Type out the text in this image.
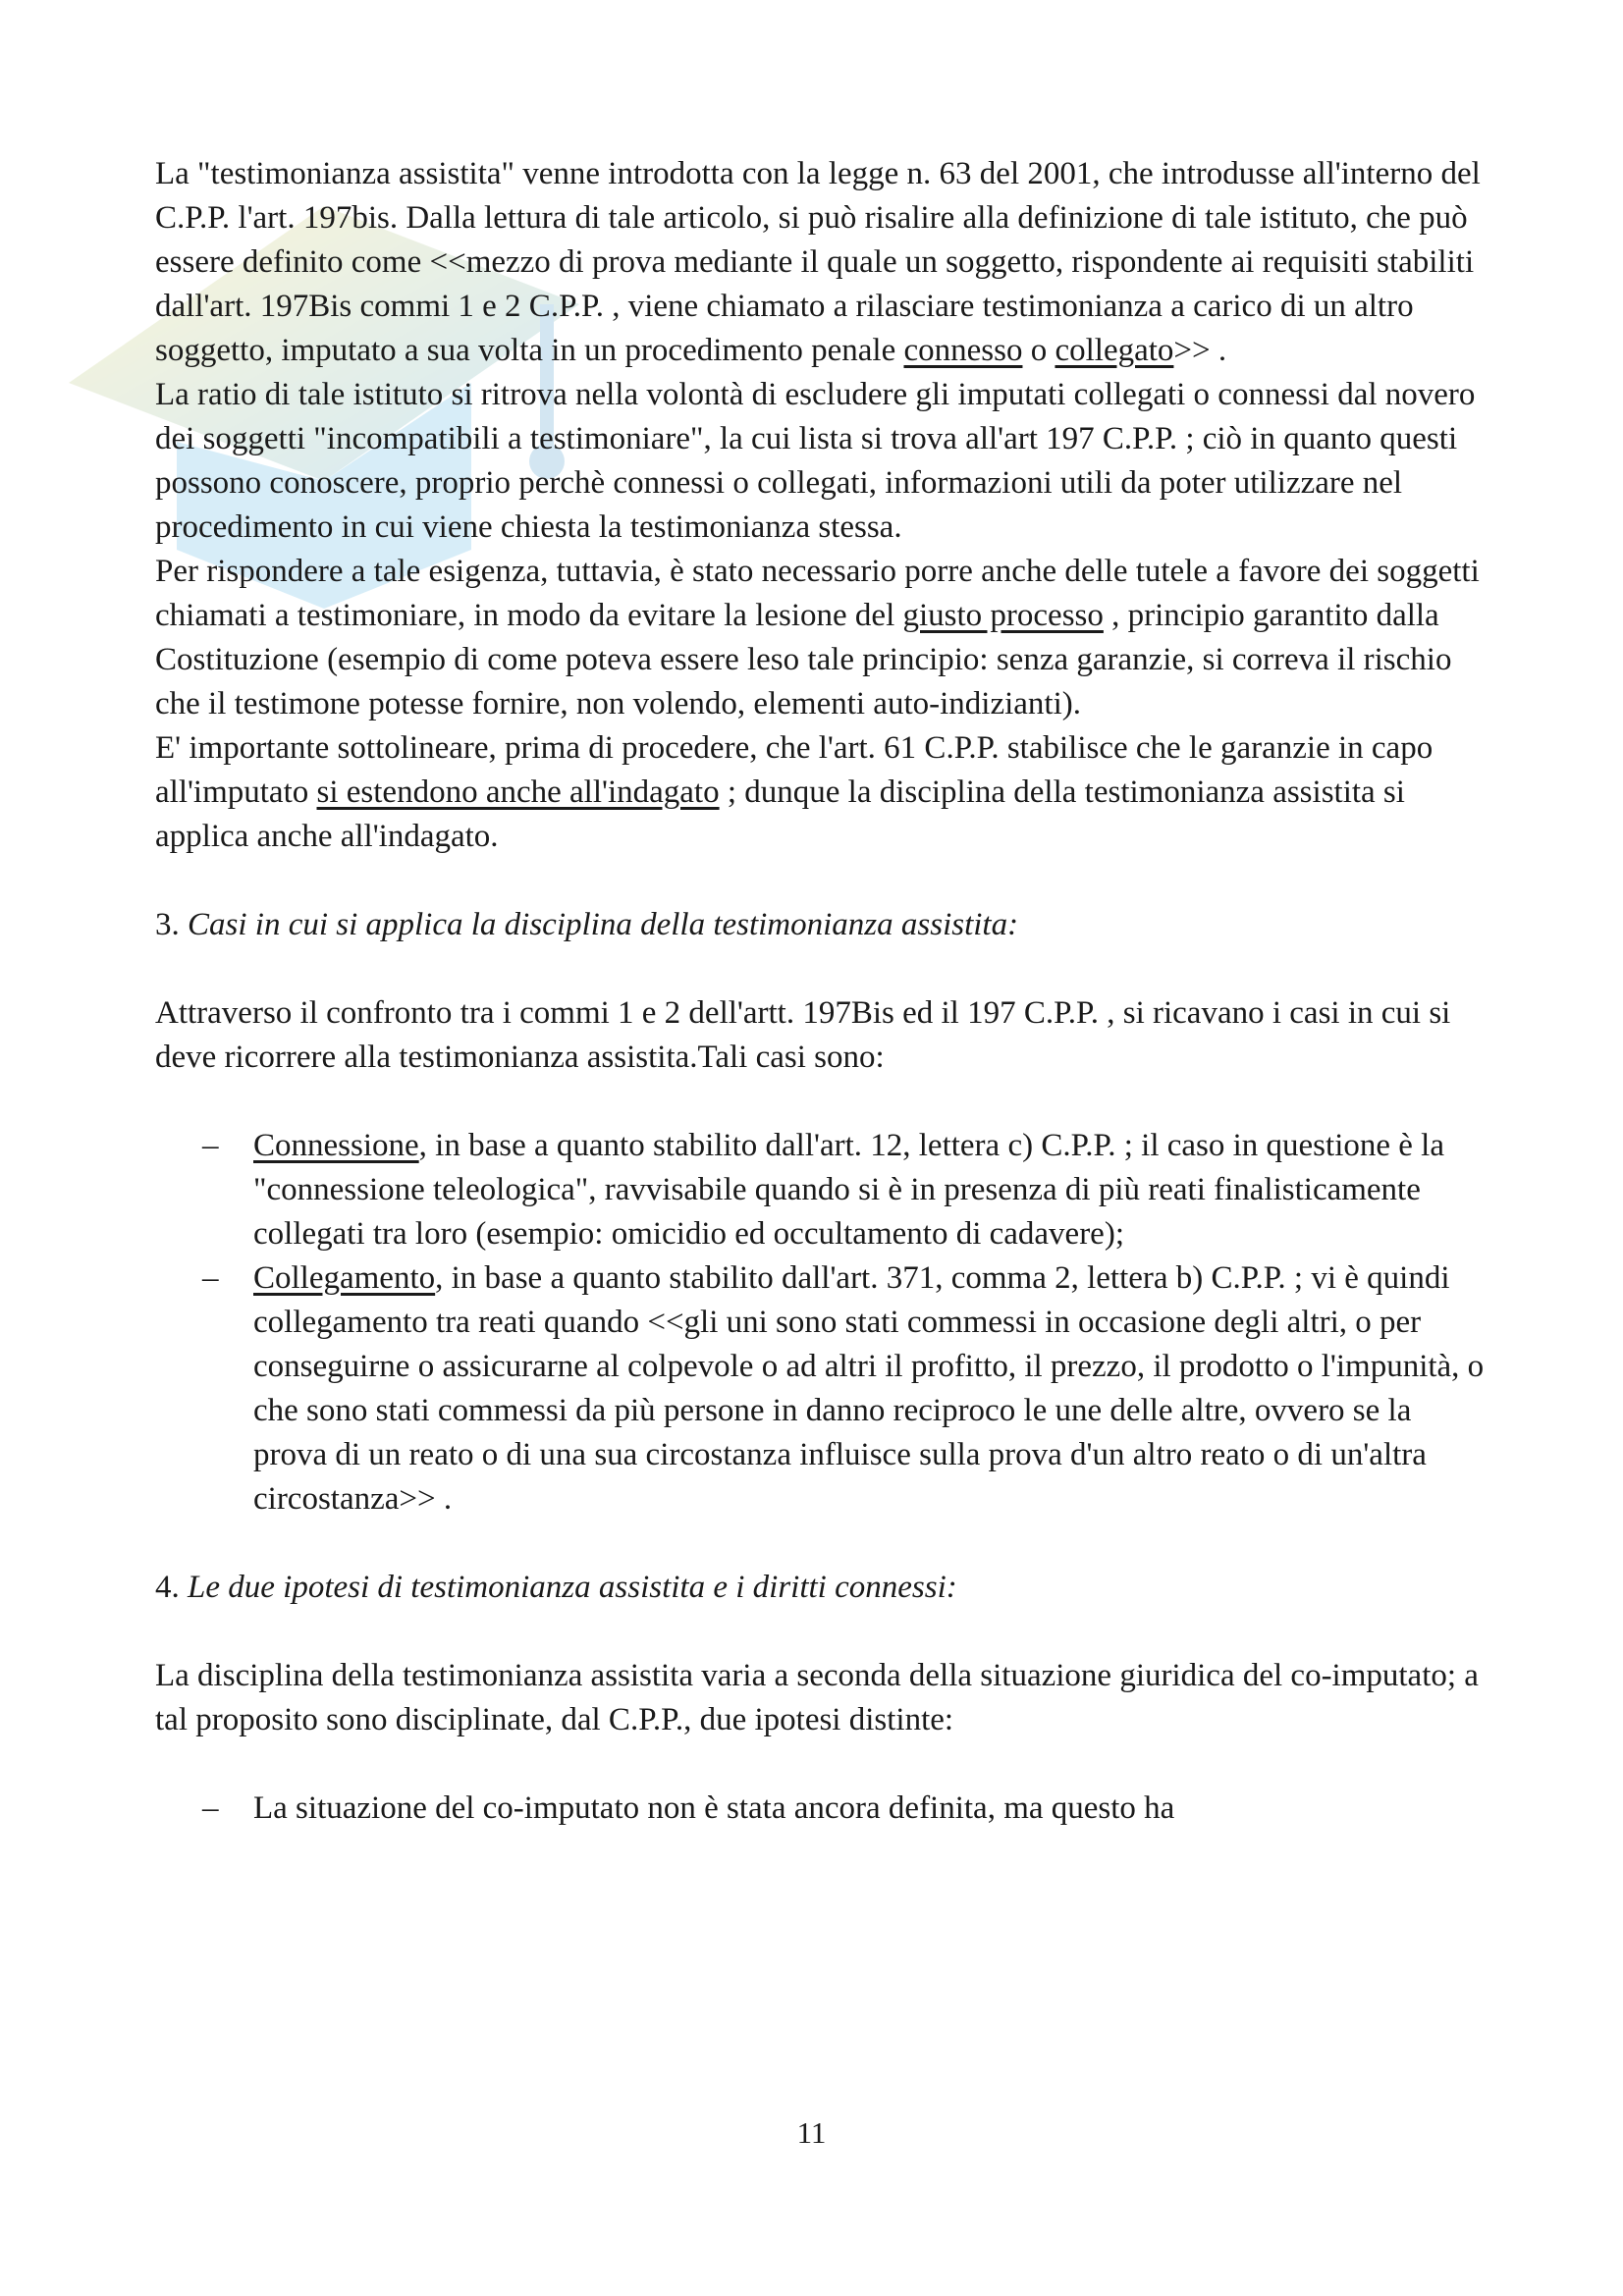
La "testimonianza assistita" venne introdotta con la legge n. 63 del 2001, che introdusse all'interno del C.P.P. l'art. 197bis. Dalla lettura di tale articolo, si può risalire alla definizione di tale istituto, che può essere definito come <<mezzo di prova mediante il quale un soggetto, rispondente ai requisiti stabiliti dall'art. 197Bis commi 1 e 2 C.P.P. , viene chiamato a rilasciare testimonianza a carico di un altro soggetto, imputato a sua volta in un procedimento penale connesso o collegato>> .

La ratio di tale istituto si ritrova nella volontà di escludere gli imputati collegati o connessi dal novero dei soggetti "incompatibili a testimoniare", la cui lista si trova all'art 197 C.P.P. ; ciò in quanto questi possono conoscere, proprio perchè connessi o collegati, informazioni utili da poter utilizzare nel procedimento in cui viene chiesta la testimonianza stessa.

Per rispondere a tale esigenza, tuttavia, è stato necessario porre anche delle tutele a favore dei soggetti chiamati a testimoniare, in modo da evitare la lesione del giusto processo , principio garantito dalla Costituzione (esempio di come poteva essere leso tale principio: senza garanzie, si correva il rischio che il testimone potesse fornire, non volendo, elementi auto-indizianti).

E' importante sottolineare, prima di procedere, che l'art. 61 C.P.P. stabilisce che le garanzie in capo all'imputato si estendono anche all'indagato ; dunque la disciplina della testimonianza assistita si applica anche all'indagato.

3. Casi in cui si applica la disciplina della testimonianza assistita:

Attraverso il confronto tra i commi 1 e 2 dell'artt. 197Bis ed il 197 C.P.P. , si ricavano i casi in cui si deve ricorrere alla testimonianza assistita.Tali casi sono:

– Connessione, in base a quanto stabilito dall'art. 12, lettera c) C.P.P. ; il caso in questione è la "connessione teleologica", ravvisabile quando si è in presenza di più reati finalisticamente collegati tra loro (esempio: omicidio ed occultamento di cadavere);
– Collegamento, in base a quanto stabilito dall'art. 371, comma 2, lettera b) C.P.P. ; vi è quindi collegamento tra reati quando <<gli uni sono stati commessi in occasione degli altri, o per conseguirne o assicurarne al colpevole o ad altri il profitto, il prezzo, il prodotto o l'impunità, o che sono stati commessi da più persone in danno reciproco le une delle altre, ovvero se la prova di un reato o di una sua circostanza influisce sulla prova d'un altro reato o di un'altra circostanza>> .

4. Le due ipotesi di testimonianza assistita e i diritti connessi:

La disciplina della testimonianza assistita varia a seconda della situazione giuridica del co-imputato; a tal proposito sono disciplinate, dal C.P.P., due ipotesi distinte:

– La situazione del co-imputato non è stata ancora definita, ma questo ha
11
